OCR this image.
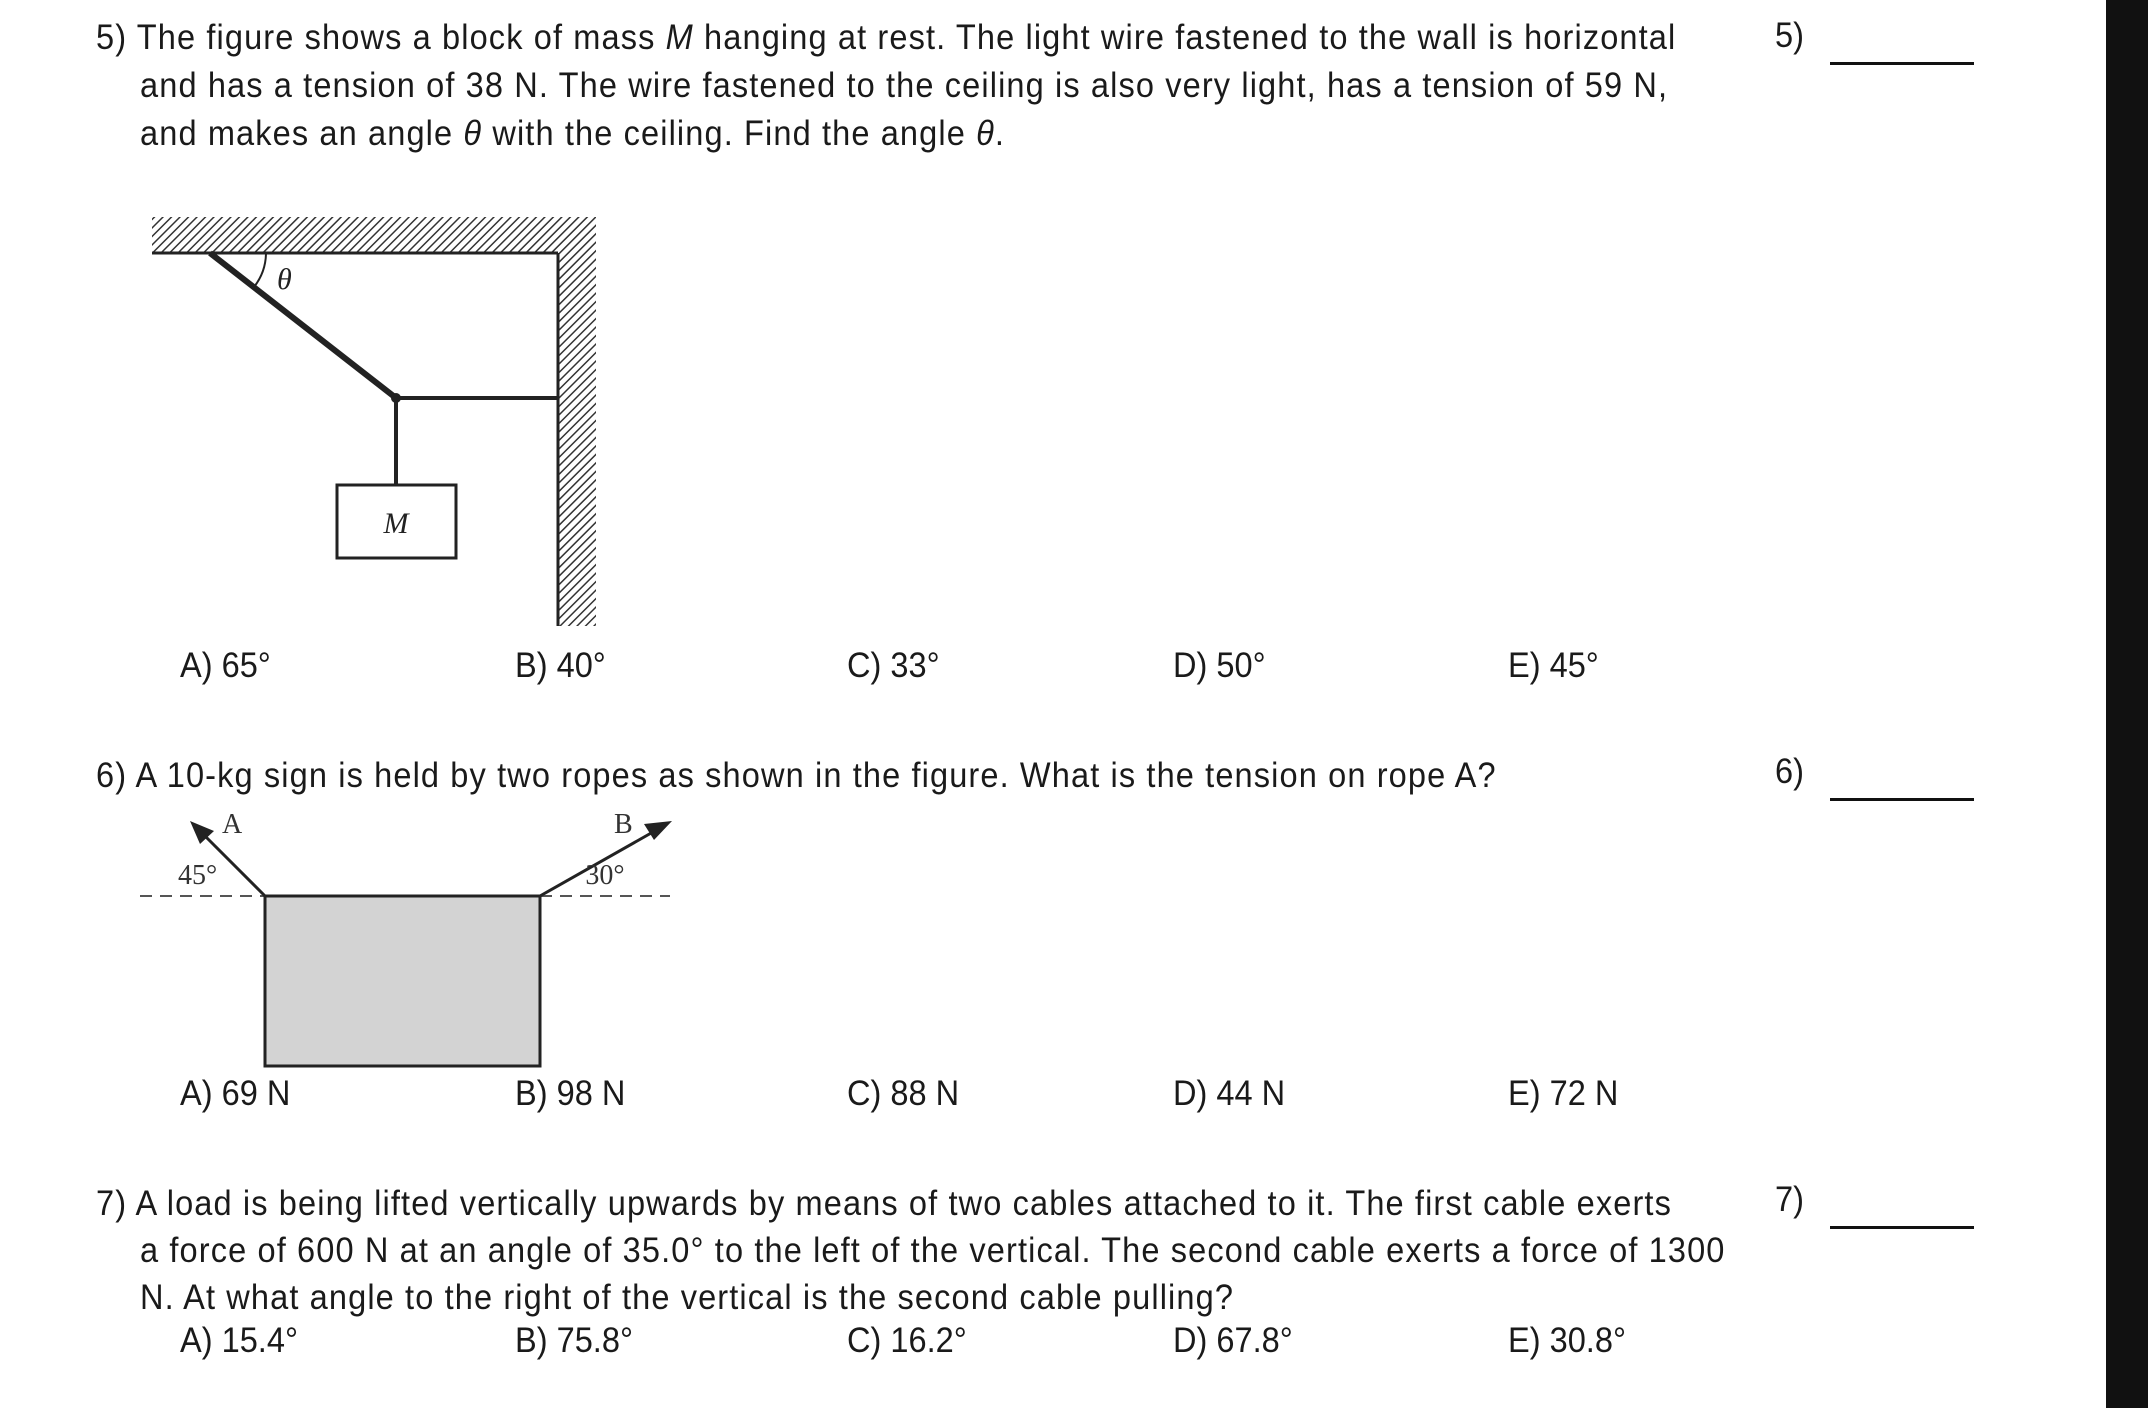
5) The figure shows a block of mass M hanging at rest. The light wire fastened to the wall is horizontal
and has a tension of 38 N. The wire fastened to the ceiling is also very light, has a tension of 59 N,
and makes an angle θ with the ceiling. Find the angle θ.
5)
θ
M
A) 65°	B) 40°	C) 33°	D) 50°	E) 45°
6) A 10-kg sign is held by two ropes as shown in the figure. What is the tension on rope A?	6)
A	B
45°	30°
A) 69 N	B) 98 N	C) 88 N	D) 44 N	E) 72 N
7) A load is being lifted vertically upwards by means of two cables attached to it. The first cable exerts
a force of 600 N at an angle of 35.0° to the left of the vertical. The second cable exerts a force of 1300
N. At what angle to the right of the vertical is the second cable pulling?
7)
A) 15.4°	B) 75.8°	C) 16.2°	D) 67.8°	E) 30.8°
